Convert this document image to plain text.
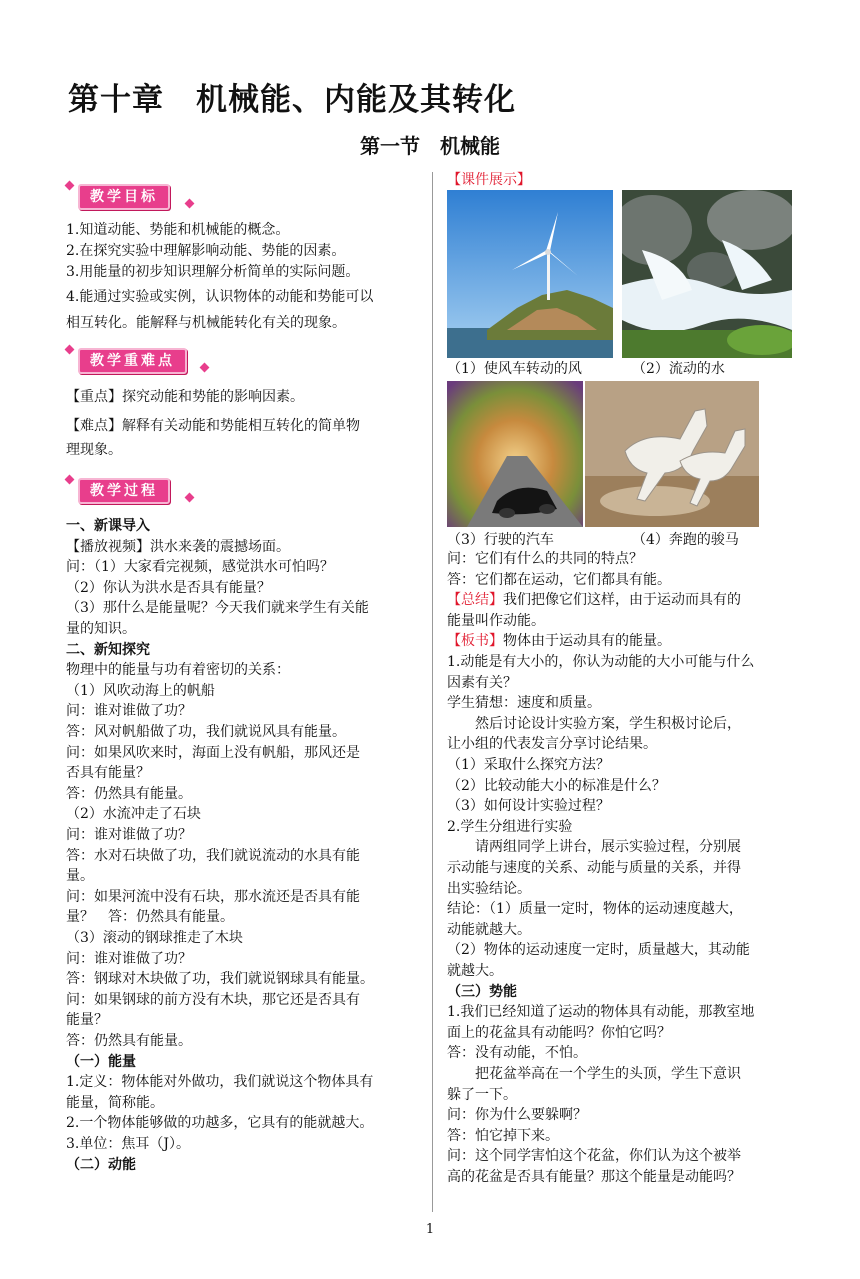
第十章　机械能、内能及其转化
第一节　机械能
教学目标
1.知道动能、势能和机械能的概念。
2.在探究实验中理解影响动能、势能的因素。
3.用能量的初步知识理解分析简单的实际问题。
4.能通过实验或实例，认识物体的动能和势能可以
相互转化。能解释与机械能转化有关的现象。
教学重难点
【重点】探究动能和势能的影响因素。
【难点】解释有关动能和势能相互转化的简单物
理现象。
教学过程
一、新课导入
【播放视频】洪水来袭的震撼场面。
问：（1）大家看完视频，感觉洪水可怕吗？
（2）你认为洪水是否具有能量？
（3）那什么是能量呢？今天我们就来学生有关能
量的知识。
二、新知探究
物理中的能量与功有着密切的关系：
（1）风吹动海上的帆船
问：谁对谁做了功？
答：风对帆船做了功，我们就说风具有能量。
问：如果风吹来时，海面上没有帆船，那风还是
否具有能量？
答：仍然具有能量。
（2）水流冲走了石块
问：谁对谁做了功？
答：水对石块做了功，我们就说流动的水具有能
量。
问：如果河流中没有石块，那水流还是否具有能
量？　答：仍然具有能量。
（3）滚动的钢球推走了木块
问：谁对谁做了功？
答：钢球对木块做了功，我们就说钢球具有能量。
问：如果钢球的前方没有木块，那它还是否具有
能量？
答：仍然具有能量。
（一）能量
1.定义：物体能对外做功，我们就说这个物体具有
能量，简称能。
2.一个物体能够做的功越多，它具有的能就越大。
3.单位：焦耳（J）。
（二）动能
【课件展示】
（1）使风车转动的风	（2）流动的水
（3）行驶的汽车	（4）奔跑的骏马
问：它们有什么的共同的特点？
答：它们都在运动，它们都具有能。
【总结】我们把像它们这样，由于运动而具有的
能量叫作动能。
【板书】物体由于运动具有的能量。
1.动能是有大小的，你认为动能的大小可能与什么
因素有关？
学生猜想：速度和质量。
　　然后讨论设计实验方案，学生积极讨论后，
让小组的代表发言分享讨论结果。
（1）采取什么探究方法？
（2）比较动能大小的标准是什么？
（3）如何设计实验过程？
2.学生分组进行实验
　　请两组同学上讲台，展示实验过程，分别展
示动能与速度的关系、动能与质量的关系，并得
出实验结论。
结论：（1）质量一定时，物体的运动速度越大，
动能就越大。
（2）物体的运动速度一定时，质量越大，其动能
就越大。
（三）势能
1.我们已经知道了运动的物体具有动能，那教室地
面上的花盆具有动能吗？你怕它吗？
答：没有动能，不怕。
　　把花盆举高在一个学生的头顶，学生下意识
躲了一下。
问：你为什么要躲啊？
答：怕它掉下来。
问：这个同学害怕这个花盆，你们认为这个被举
高的花盆是否具有能量？那这个能量是动能吗？
1
